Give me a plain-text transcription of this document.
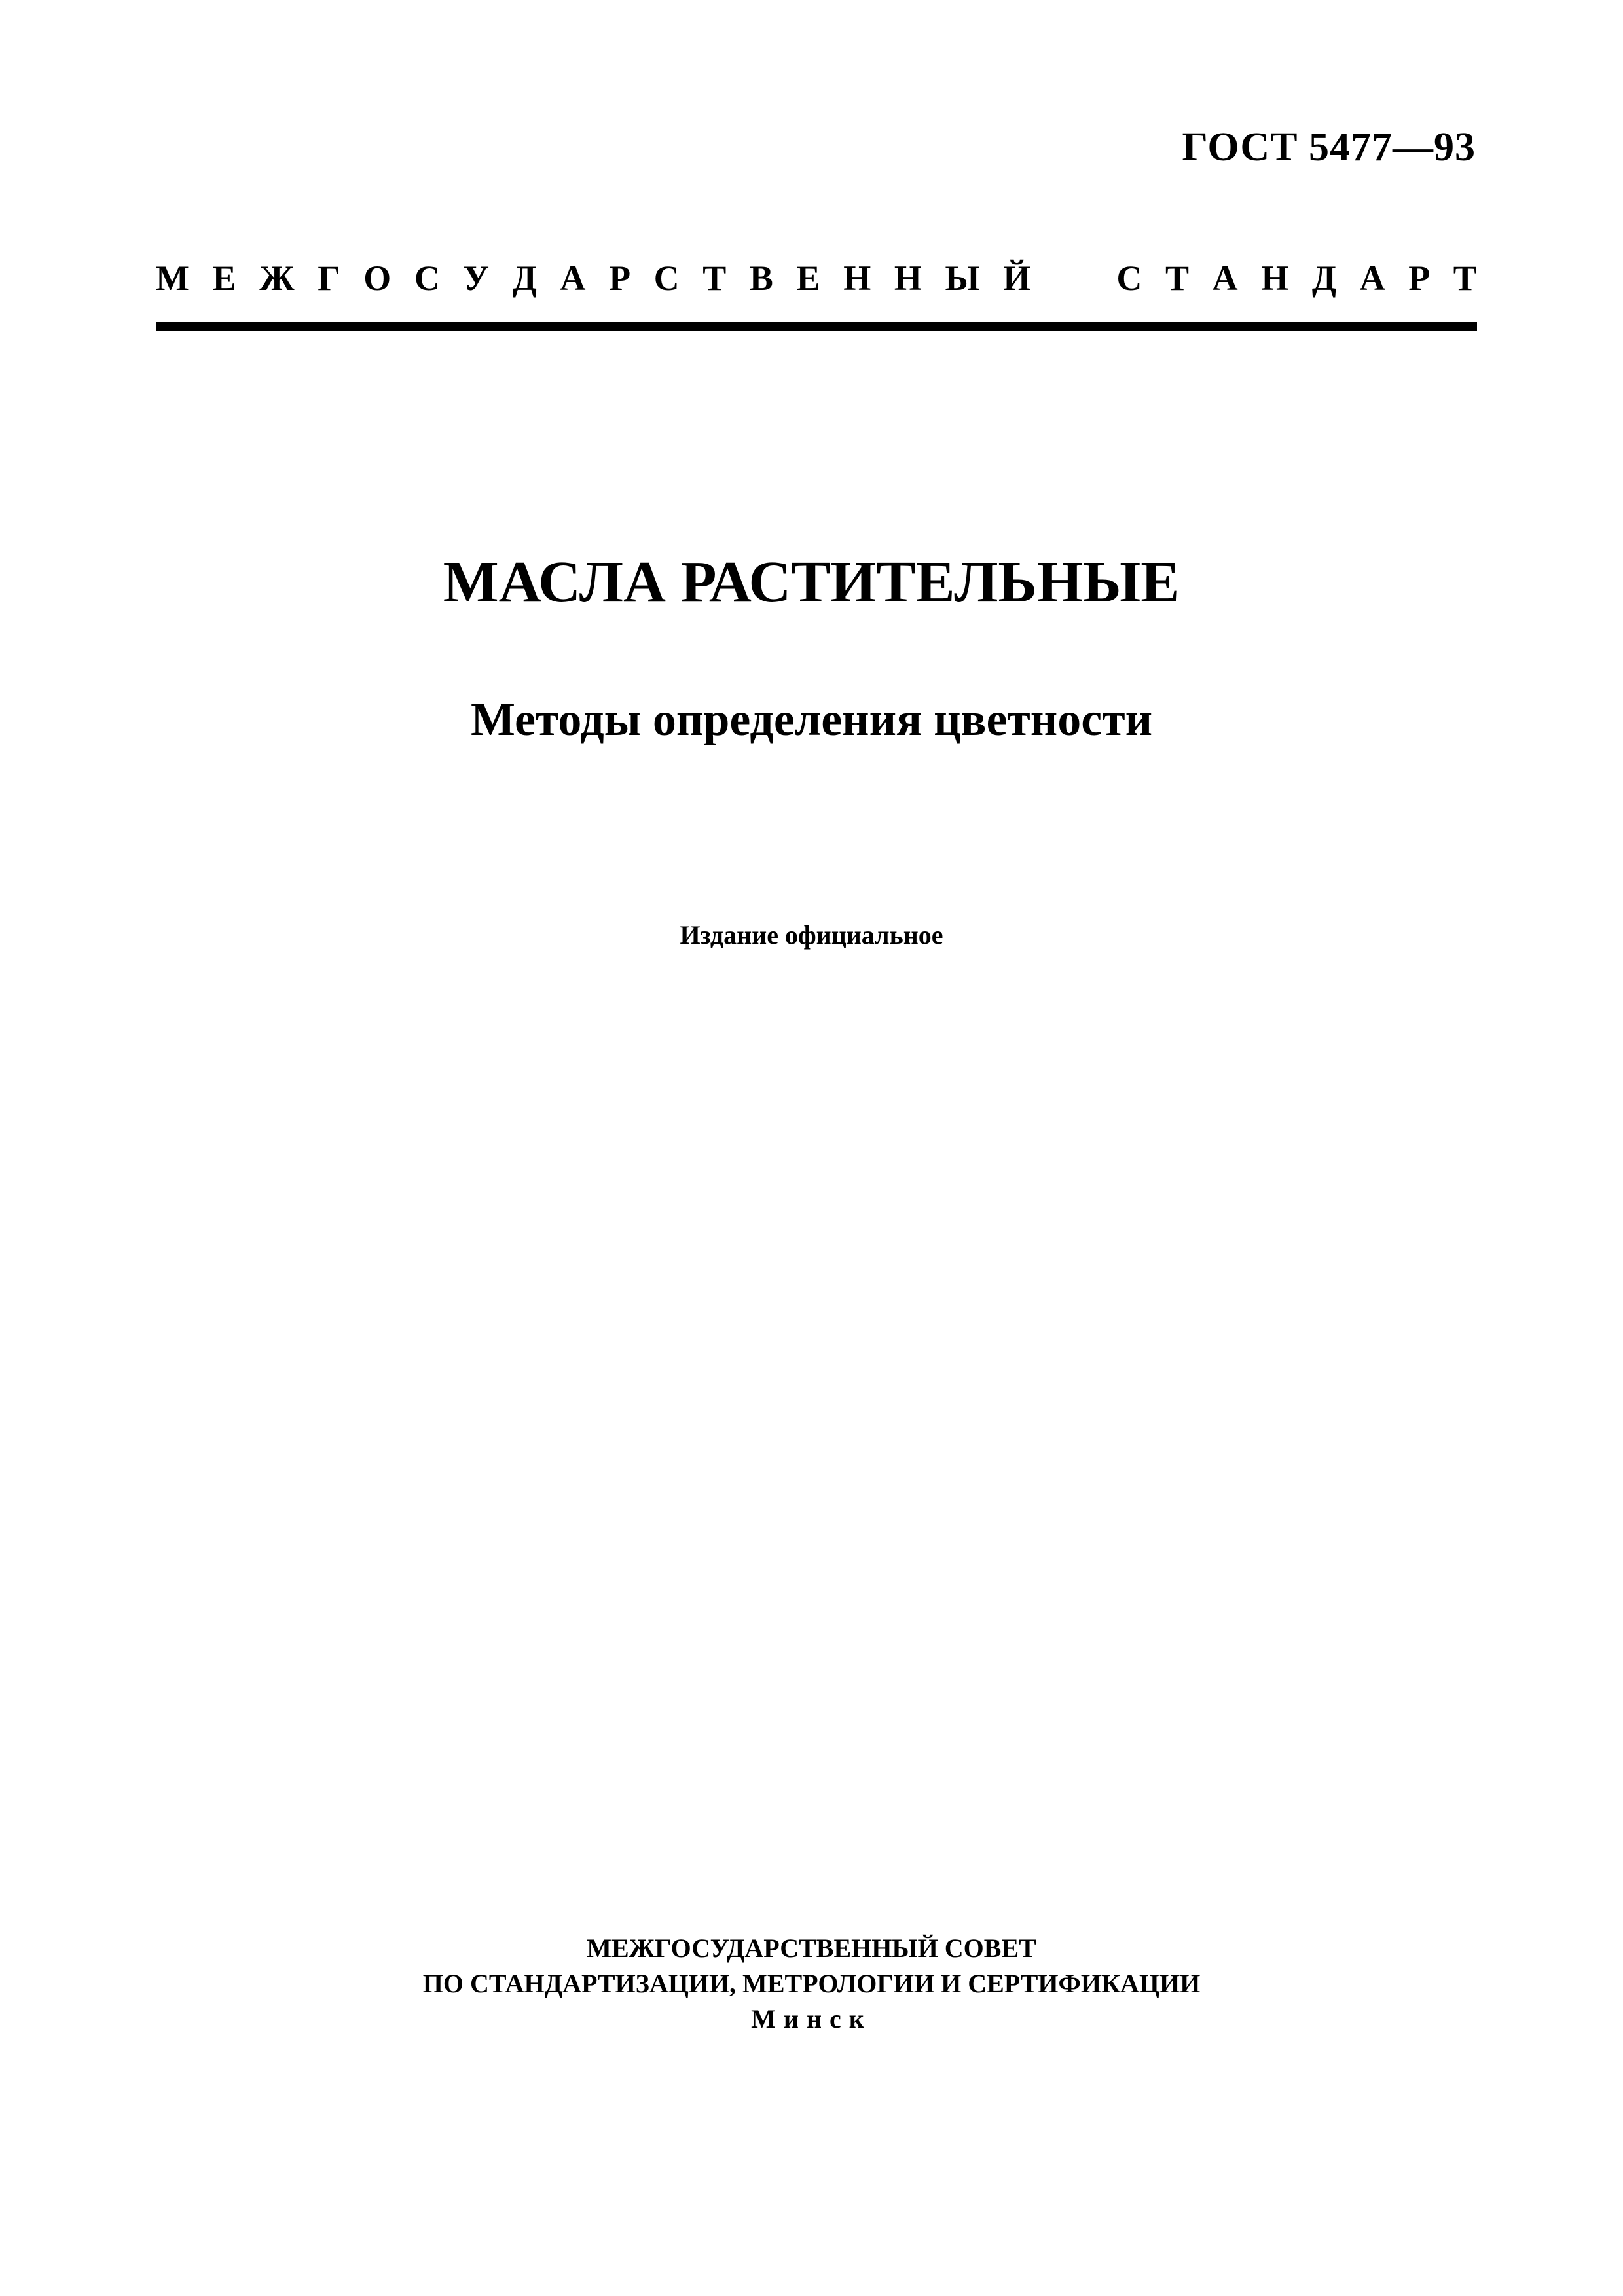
ГОСТ 5477—93
М Е Ж Г О С У Д А Р С Т В Е Н Н Ы Й
С Т А Н Д А Р Т
МАСЛА РАСТИТЕЛЬНЫЕ
Методы определения цветности
Издание официальное
МЕЖГОСУДАРСТВЕННЫЙ СОВЕТ
ПО СТАНДАРТИЗАЦИИ, МЕТРОЛОГИИ И СЕРТИФИКАЦИИ
Минск
